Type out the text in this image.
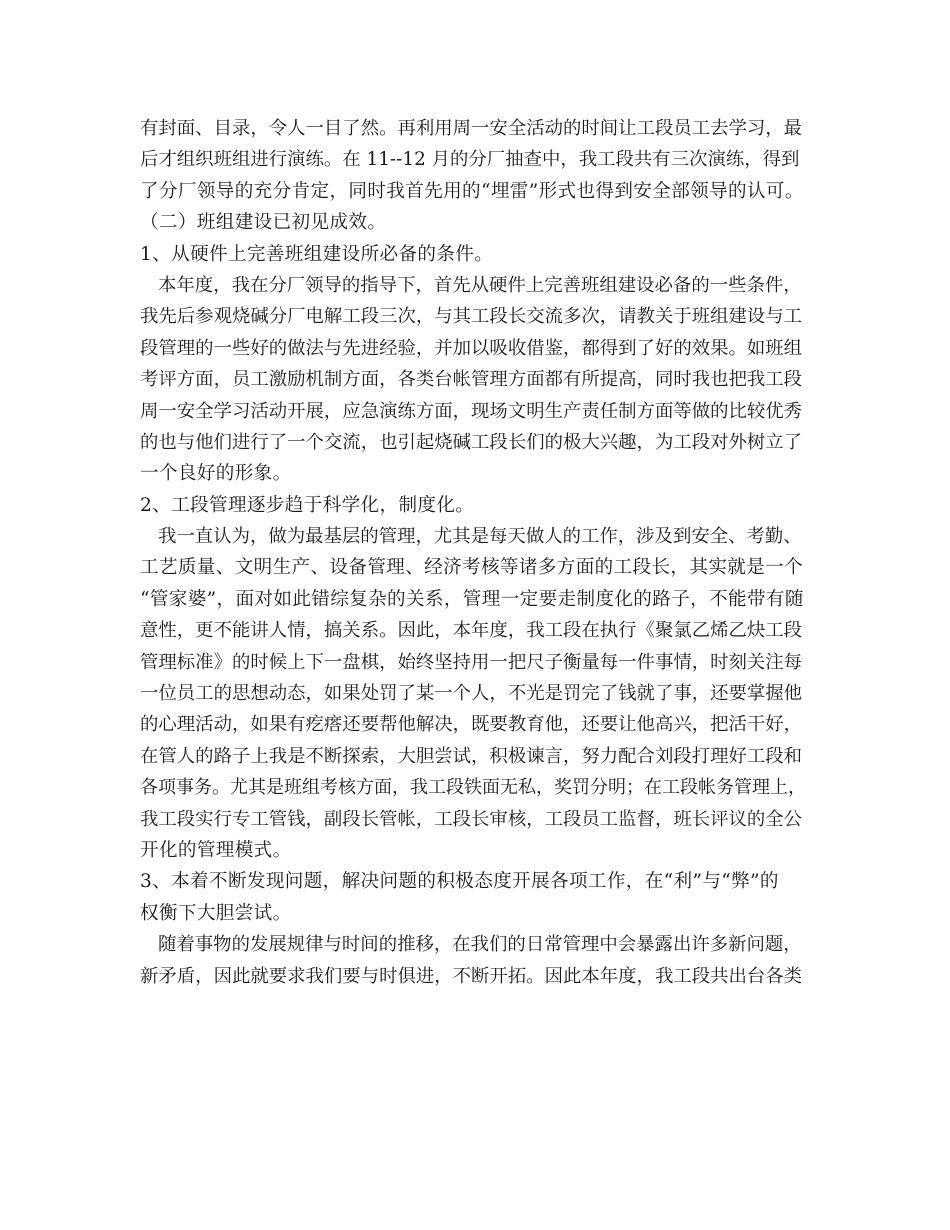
有封面、目录，令人一目了然。再利用周一安全活动的时间让工段员工去学习，最
后才组织班组进行演练。在 11--12 月的分厂抽查中，我工段共有三次演练，得到
了分厂领导的充分肯定，同时我首先用的“埋雷”形式也得到安全部领导的认可。
（二）班组建设已初见成效。
1、从硬件上完善班组建设所必备的条件。
本年度，我在分厂领导的指导下，首先从硬件上完善班组建设必备的一些条件，
我先后参观烧碱分厂电解工段三次，与其工段长交流多次，请教关于班组建设与工
段管理的一些好的做法与先进经验，并加以吸收借鉴，都得到了好的效果。如班组
考评方面，员工激励机制方面，各类台帐管理方面都有所提高，同时我也把我工段
周一安全学习活动开展，应急演练方面，现场文明生产责任制方面等做的比较优秀
的也与他们进行了一个交流，也引起烧碱工段长们的极大兴趣，为工段对外树立了
一个良好的形象。
2、工段管理逐步趋于科学化，制度化。
我一直认为，做为最基层的管理，尤其是每天做人的工作，涉及到安全、考勤、
工艺质量、文明生产、设备管理、经济考核等诸多方面的工段长，其实就是一个
“管家婆”，面对如此错综复杂的关系，管理一定要走制度化的路子，不能带有随
意性，更不能讲人情，搞关系。因此，本年度，我工段在执行《聚氯乙烯乙炔工段
管理标准》的时候上下一盘棋，始终坚持用一把尺子衡量每一件事情，时刻关注每
一位员工的思想动态，如果处罚了某一个人，不光是罚完了钱就了事，还要掌握他
的心理活动，如果有疙瘩还要帮他解决，既要教育他，还要让他高兴，把活干好，
在管人的路子上我是不断探索，大胆尝试，积极谏言，努力配合刘段打理好工段和
各项事务。尤其是班组考核方面，我工段铁面无私，奖罚分明；在工段帐务管理上，
我工段实行专工管钱，副段长管帐，工段长审核，工段员工监督，班长评议的全公
开化的管理模式。
3、本着不断发现问题，解决问题的积极态度开展各项工作，在“利”与“弊”的
权衡下大胆尝试。
随着事物的发展规律与时间的推移，在我们的日常管理中会暴露出许多新问题，
新矛盾，因此就要求我们要与时俱进，不断开拓。因此本年度，我工段共出台各类
